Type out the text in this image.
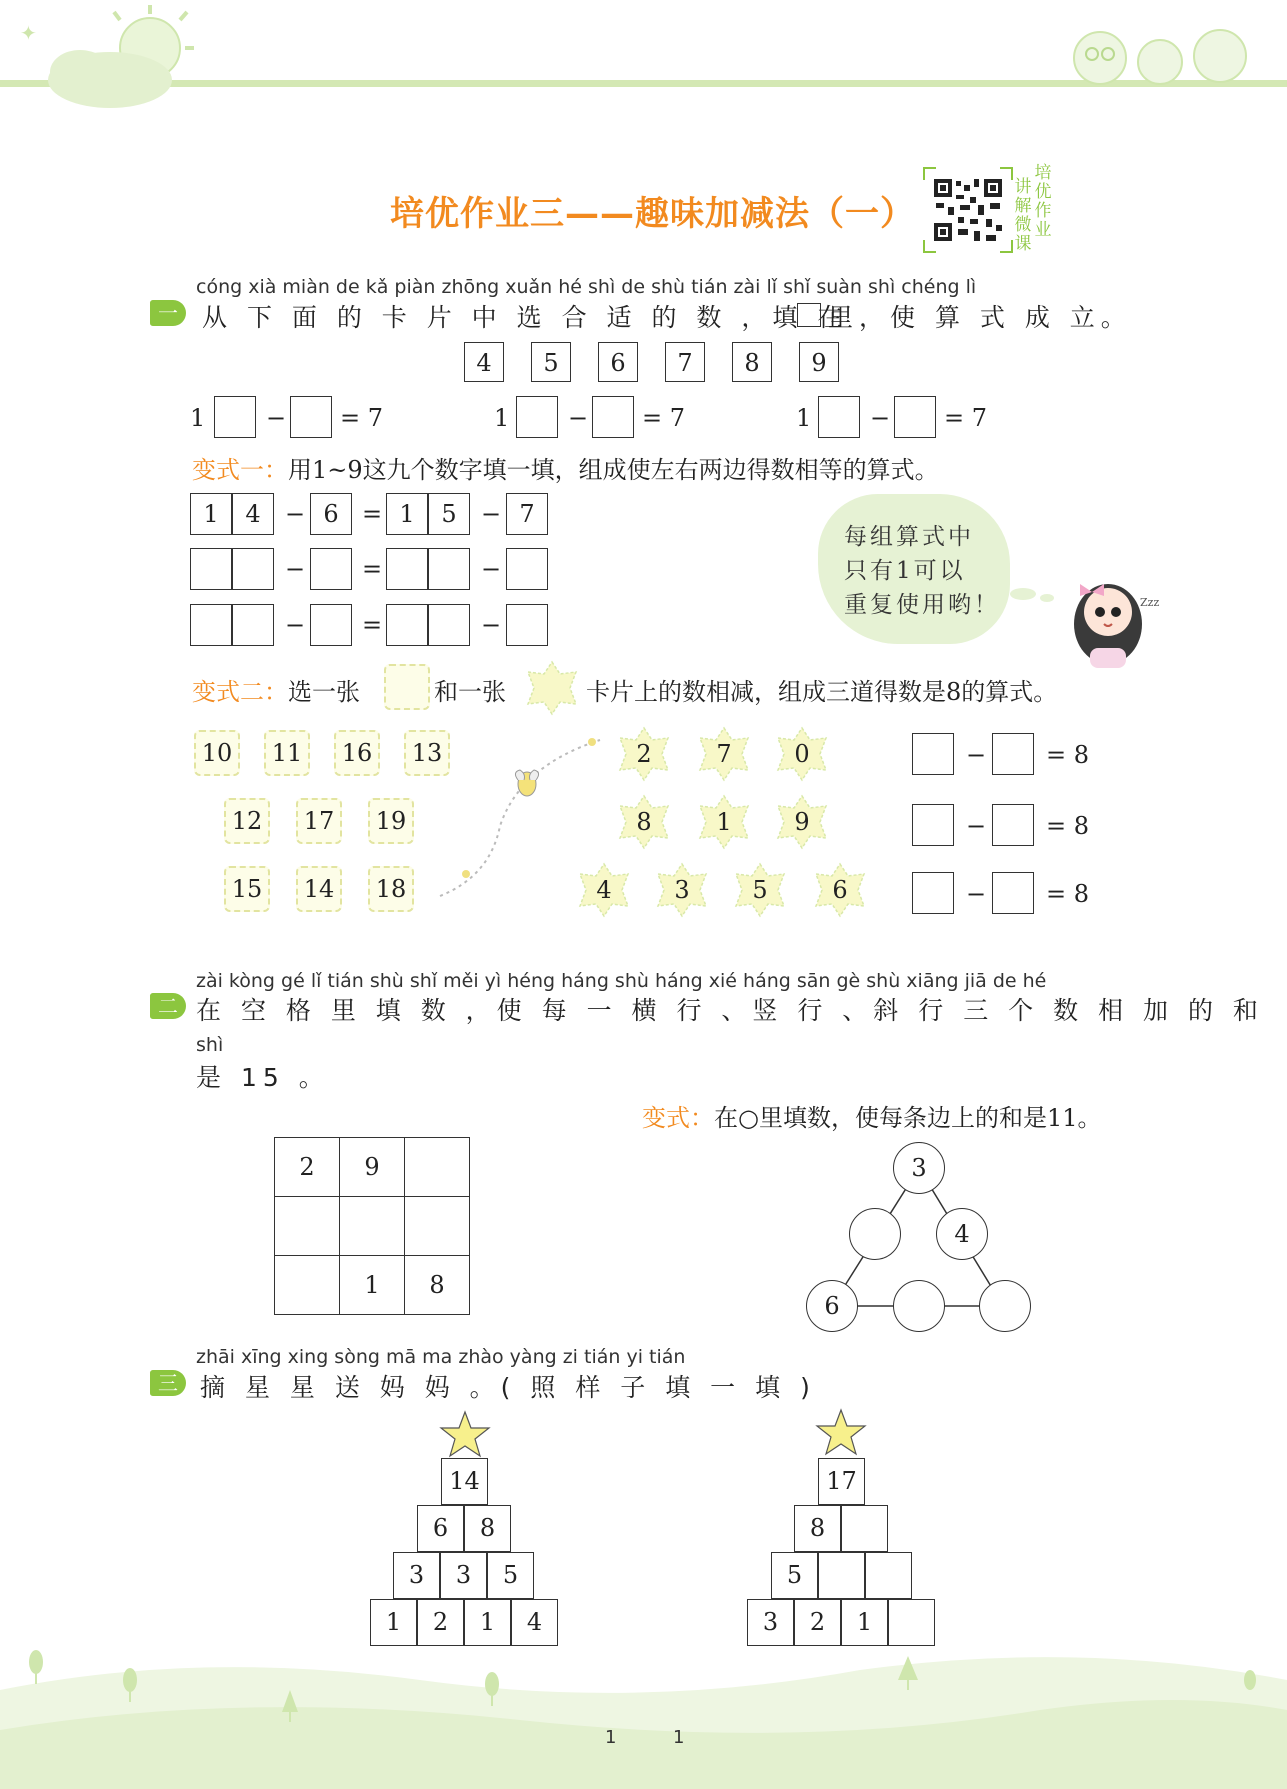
✦
培优作业三——趣味加减法（一）
讲解微课
培优作业
cóng xià miàn de kǎ piàn zhōng xuǎn hé shì de shù tián zài lǐ shǐ suàn shì chéng lì
一 从 下 面 的 卡 片 中 选 合 适 的 数 ，填 在
里，使 算 式 成 立。
4	5	6	7	8	9
1	− = 7	1 − = 7	1 − = 7
变式一：用1~9这九个数字填一填，组成使左右两边得数相等的算式。
1	4	− 6 = 1	5	− 7
− =	−
− =	−
每组算式中
只有1可以
重复使用哟！	Zzz
变式二：选一张	和一张	卡片上的数相减，组成三道得数是8的算式。
10	11	16	13
12	17	19
15	14	18
2	7	0
8	1	9
4	3	5	6
− = 8
− = 8
− = 8
zài kòng gé lǐ tián shù shǐ měi yì héng háng shù háng xié háng sān gè shù xiāng jiā de hé
二 在 空 格 里 填 数 ，使 每 一 横 行 、竖 行 、斜 行 三 个 数 相 加 的 和
shì
是 15 。
变式：在○里填数，使每条边上的和是11。
2	9	

	1	8
3
4
6
zhāi xīng xing sòng mā ma zhào yàng zi tián yi tián
三 摘 星 星 送 妈 妈 。( 照 样 子 填 一 填 )
14
6	8
3	3	5
1	2	1	4
17
8
5
3	2	1
1	1
